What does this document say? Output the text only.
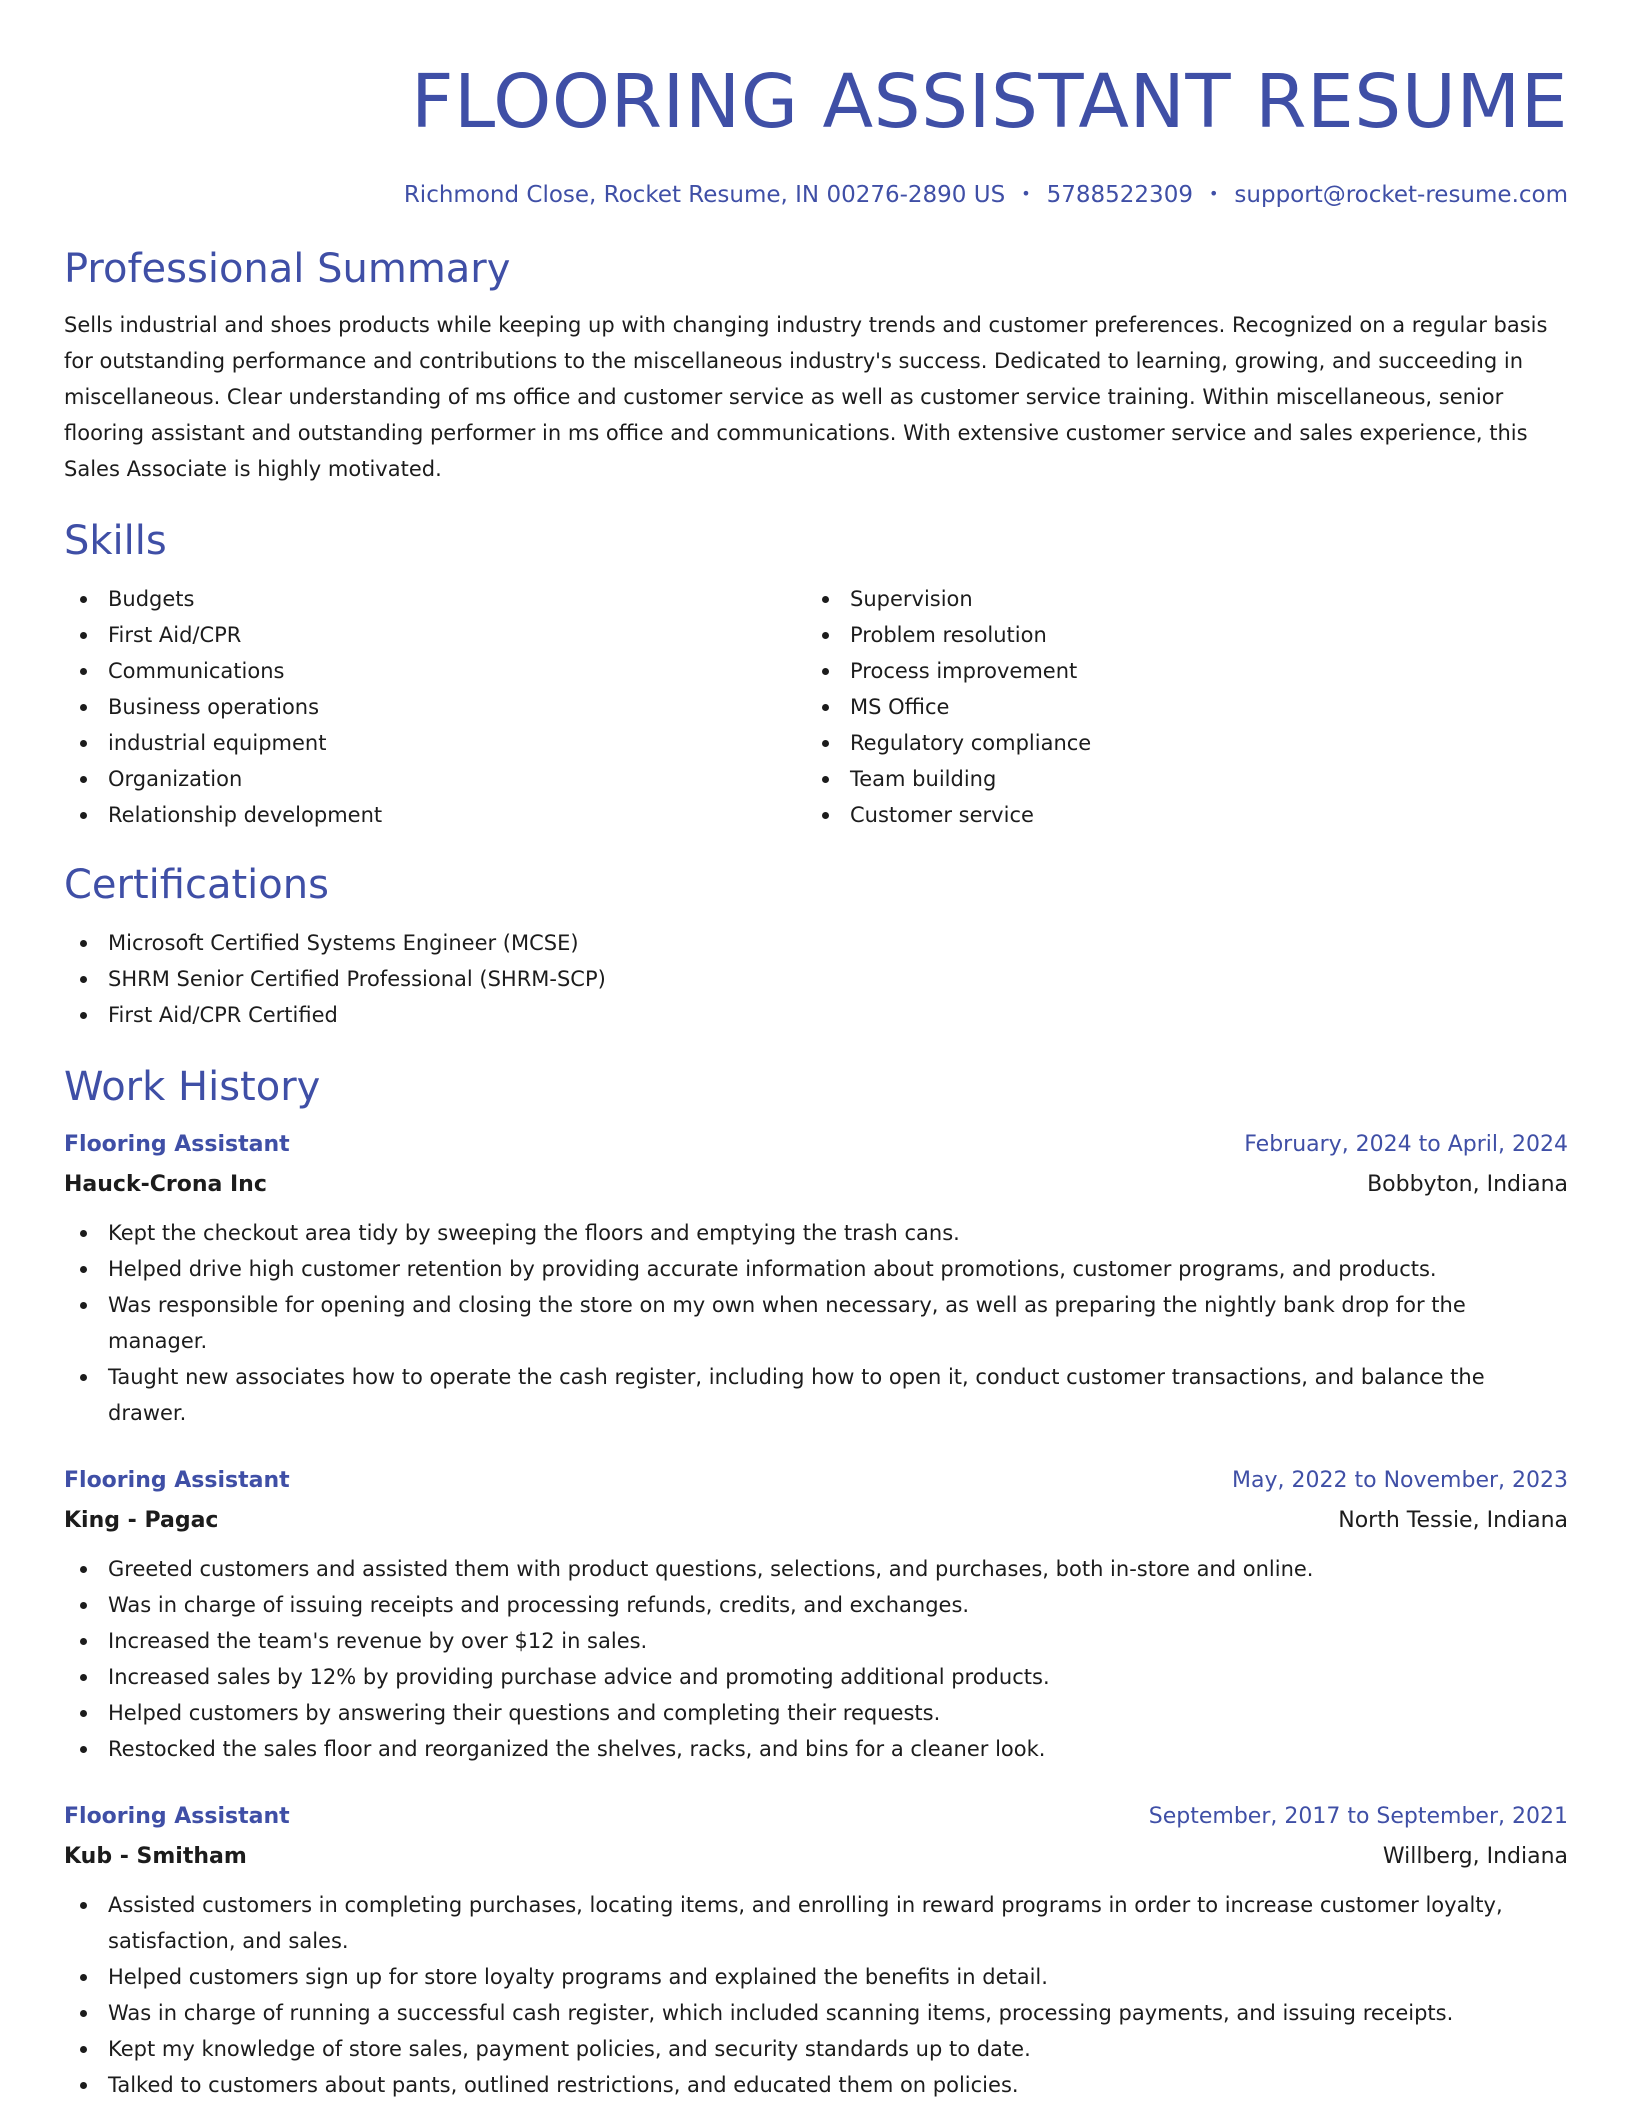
FLOORING ASSISTANT RESUME
Richmond Close, Rocket Resume, IN 00276-2890 US • 5788522309 • support@rocket-resume.com
Professional Summary

Sells industrial and shoes products while keeping up with changing industry trends and customer preferences. Recognized on a regular basis for outstanding performance and contributions to the miscellaneous industry's success. Dedicated to learning, growing, and succeeding in miscellaneous. Clear understanding of ms office and customer service as well as customer service training. Within miscellaneous, senior flooring assistant and outstanding performer in ms office and communications. With extensive customer service and sales experience, this Sales Associate is highly motivated.

Skills
Budgets
First Aid/CPR
Communications
Business operations
industrial equipment
Organization
Relationship development
Supervision
Problem resolution
Process improvement
MS Office
Regulatory compliance
Team building
Customer service
Certifications
Microsoft Certified Systems Engineer (MCSE)
SHRM Senior Certified Professional (SHRM-SCP)
First Aid/CPR Certified
Work History
Flooring Assistant	February, 2024 to April, 2024
Hauck-Crona Inc	Bobbyton, Indiana
Kept the checkout area tidy by sweeping the floors and emptying the trash cans.
Helped drive high customer retention by providing accurate information about promotions, customer programs, and products.
Was responsible for opening and closing the store on my own when necessary, as well as preparing the nightly bank drop for the manager.
Taught new associates how to operate the cash register, including how to open it, conduct customer transactions, and balance the drawer.
Flooring Assistant	May, 2022 to November, 2023
King - Pagac	North Tessie, Indiana
Greeted customers and assisted them with product questions, selections, and purchases, both in-store and online.
Was in charge of issuing receipts and processing refunds, credits, and exchanges.
Increased the team's revenue by over $12 in sales.
Increased sales by 12% by providing purchase advice and promoting additional products.
Helped customers by answering their questions and completing their requests.
Restocked the sales floor and reorganized the shelves, racks, and bins for a cleaner look.
Flooring Assistant	September, 2017 to September, 2021
Kub - Smitham	Willberg, Indiana
Assisted customers in completing purchases, locating items, and enrolling in reward programs in order to increase customer loyalty, satisfaction, and sales.
Helped customers sign up for store loyalty programs and explained the benefits in detail.
Was in charge of running a successful cash register, which included scanning items, processing payments, and issuing receipts.
Kept my knowledge of store sales, payment policies, and security standards up to date.
Talked to customers about pants, outlined restrictions, and educated them on policies.
